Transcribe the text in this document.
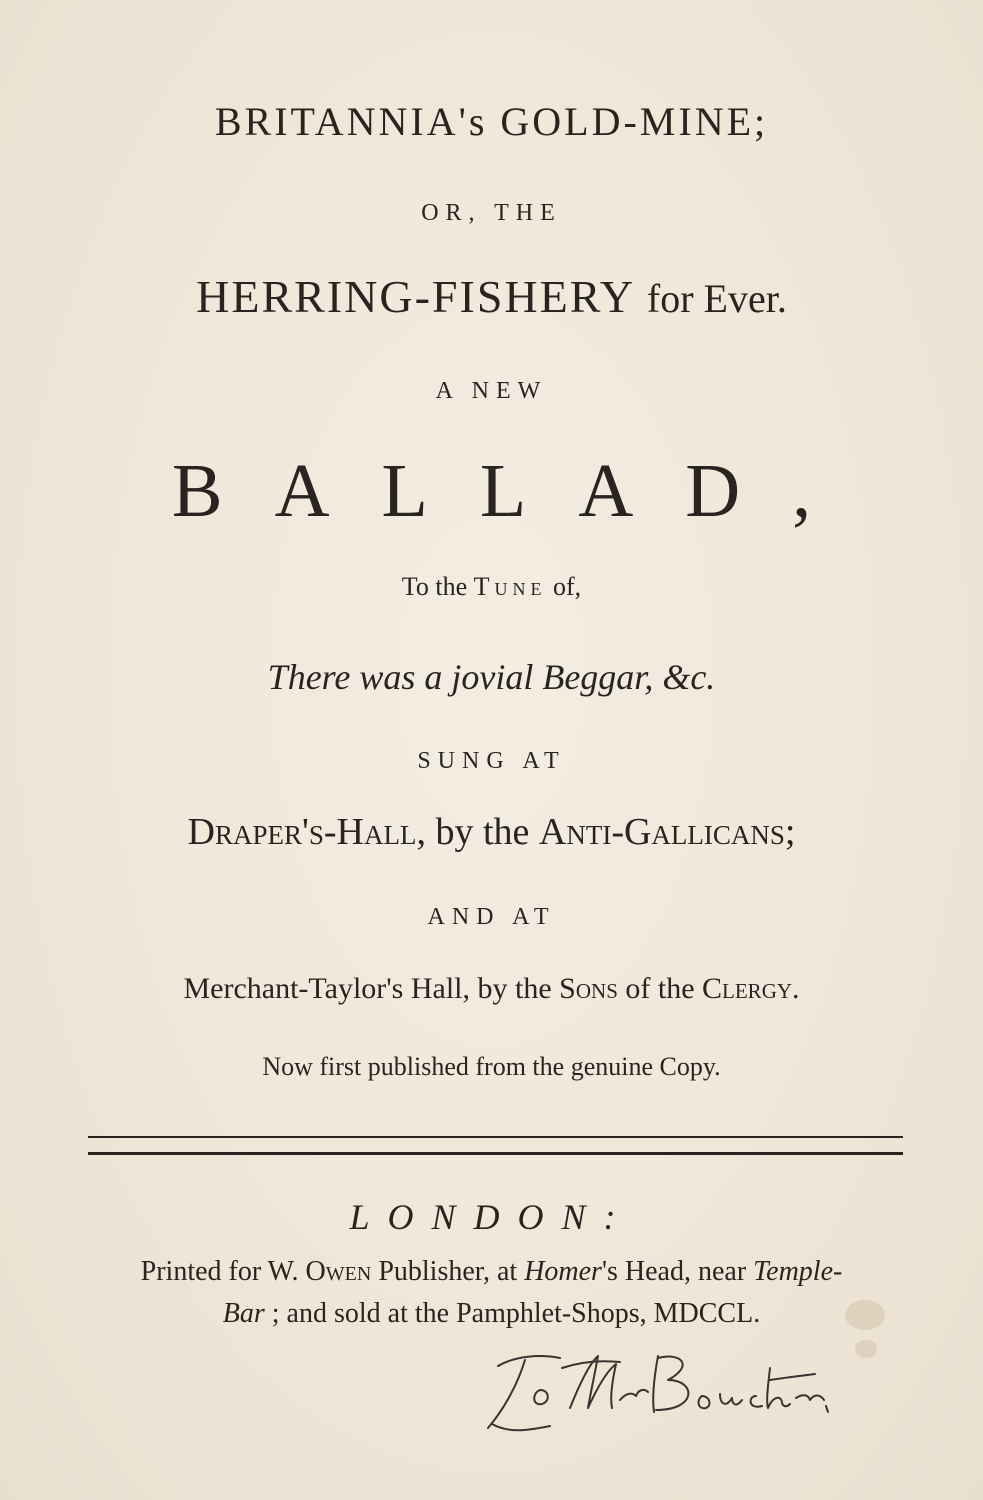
BRITANNIA's GOLD-MINE;
OR, THE
HERRING-FISHERY for Ever.
A NEW
BALLAD,
To the Tune of,
There was a jovial Beggar, &c.
SUNG AT
Draper's-Hall, by the Anti-Gallicans;
AND AT
Merchant-Taylor's Hall, by the Sons of the Clergy.
Now first published from the genuine Copy.
LONDON:
Printed for W. Owen Publisher, at Homer's Head, near Temple-
Bar ; and sold at the Pamphlet-Shops, MDCCL.
